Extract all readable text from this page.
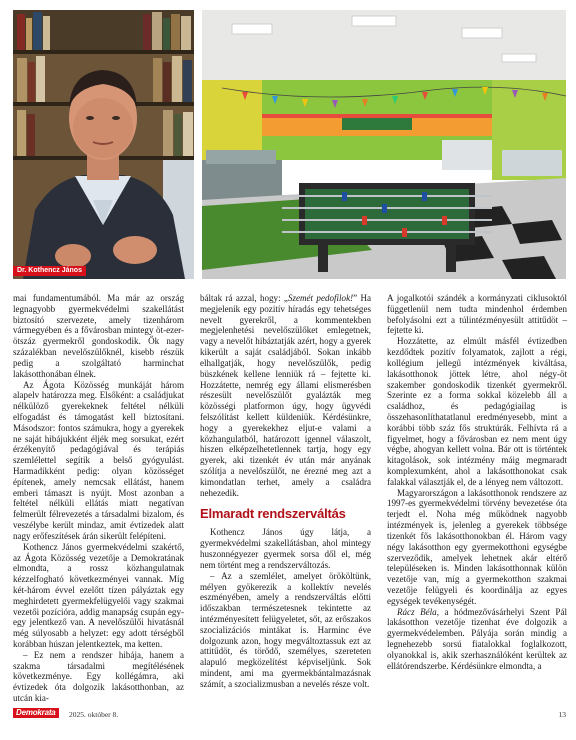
Dr. Kothencz János

mai fundamentumából. Ma már az ország legnagyobb gyermekvédelmi szakellátást biztosító szervezete, amely tizenhárom vármegyében és a fővárosban mintegy öt-ezer-ötszáz gyermekről gondoskodik. Ők nagy százalékban nevelőszülőknél, kisebb részük pedig a szolgáltató harminchat lakásotthonában élnek.

Az Ágota Közösség munkáját három alapelv határozza meg. Elsőként: a családjukat nélkülöző gyerekeknek feltétel nélküli elfogadást és támogatást kell biztosítani. Másodszor: fontos számukra, hogy a gyerekek ne saját hibájukként éljék meg sorsukat, ezért érzékenyítő pedagógiával és terápiás szemlélettel segítik a belső gyógyulást. Harmadikként pedig: olyan közösséget építenek, amely nemcsak ellátást, hanem emberi támaszt is nyújt. Most azonban a feltétel nélküli ellátás miatt negatívan felmerült félrevezetés a társadalmi bizalom, és veszélybe került mindaz, amit évtizedek alatt nagy erőfeszítések árán sikerült felépíteni.

Kothencz János gyermekvédelmi szakértő, az Ágota Közösség vezetője a Demokratának elmondta, a rossz közhangulatnak kézzelfogható következményei vannak. Míg két-három évvel ezelőtt tízen pályáztak egy meghirdetett gyermekfelügyelői vagy szakmai vezetői pozícióra, addig manapság csupán egy-egy jelentkező van. A nevelőszülői hivatásnál még súlyosabb a helyzet: egy adott térségből korábban húszan jelentkeztek, ma ketten.

– Ez nem a rendszer hibája, hanem a szakma társadalmi megítélésének következménye. Egy kollégámra, aki évtizedek óta dolgozik lakásotthonban, az utcán kia-

báltak rá azzal, hogy: „Szemét pedofilok!” Ha megjelenik egy pozitív híradás egy tehetséges nevelt gyerekről, a kommentekben megjelenhetési nevelőszülőket emlegetnek, vagy a nevelőt hibáztatják azért, hogy a gyerek kikerült a saját családjából. Sokan inkább elhallgatják, hogy nevelőszülők, pedig büszkének kellene lenniük rá – fejtette ki. Hozzátette, nemrég egy állami elismerésben részesült nevelőszülőt gyalázták meg közösségi platformon úgy, hogy ügyvédi felszólítást kellett küldeniük. Kérdésünkre, hogy a gyerekekhez eljut-e valami a közhangulatból, határozott igennel válaszolt, hiszen elképzelhetetlennek tartja, hogy egy gyerek, aki tizenkét év után már anyának szólítja a nevelőszülőt, ne érezné meg azt a kimondatlan terhet, amely a családra nehezedik.

Elmaradt rendszerváltás

Kothencz János úgy látja, a gyermekvédelmi szakellátásban, ahol mintegy huszonnégyezer gyermek sorsa dől el, még nem történt meg a rendszerváltozás.

– Az a szemlélet, amelyet örököltünk, mélyen gyökerezik a kollektív nevelés eszményében, amely a rendszerváltás előtti időszakban természetesnek tekintette az intézményesített felügyeletet, sőt, az erőszakos szocializációs mintákat is. Harminc éve dolgozunk azon, hogy megváltoztassuk ezt az attitűdöt, és törődő, személyes, szereteten alapuló megközelítést képviseljünk. Sok mindent, ami ma gyermekbántalmazásnak számít, a szocializmusban a nevelés része volt.

A jogalkotói szándék a kormányzati ciklusoktól függetlenül nem tudta mindenhol érdemben befolyásolni ezt a túlintézményesült attitűdöt – fejtette ki.

Hozzátette, az elmúlt másfél évtizedben kezdődtek pozitív folyamatok, zajlott a régi, kollégium jellegű intézmények kiváltása, lakásotthonok jöttek létre, ahol négy-öt szakember gondoskodik tizenkét gyermekről. Szerinte ez a forma sokkal közelebb áll a családhoz, és pedagógiailag is összehasonlíthatatlanul eredményesebb, mint a korábbi több száz fős struktúrák. Felhívta rá a figyelmet, hogy a fővárosban ez nem ment úgy végbe, ahogyan kellett volna. Bár ott is történtek kitagolások, sok intézmény máig megmaradt komplexumként, ahol a lakásotthonokat csak falakkal választják el, de a lényeg nem változott.

Magyarországon a lakásotthonok rendszere az 1997-es gyermekvédelmi törvény bevezetése óta terjedt el. Noha még működnek nagyobb intézmények is, jelenleg a gyerekek többsége tizenkét fős lakásotthonokban él. Három vagy négy lakásotthon egy gyermekotthoni egységbe szerveződik, amelyek lehetnek akár eltérő településeken is. Minden lakásotthonnak külön vezetője van, míg a gyermekotthon szakmai vezetője felügyeli és koordinálja az egyes egységek tevékenységét.

Rácz Béla, a hódmezővásárhelyi Szent Pál lakásotthon vezetője tizenhat éve dolgozik a gyermekvédelemben. Pályája során mindig a legnehezebb sorsú fiatalokkal foglalkozott, olyanokkal is, akik szerhasználóként kerültek az ellátórendszerbe. Kérdésünkre elmondta, a

Demokrata	2025. október 8.	13
